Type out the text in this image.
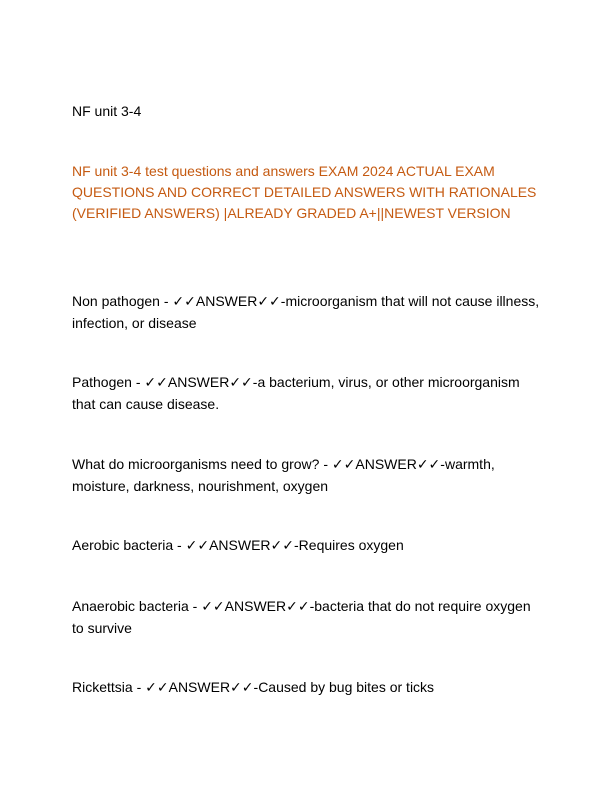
NF unit 3-4
NF unit 3-4 test questions and answers EXAM 2024 ACTUAL EXAM QUESTIONS AND CORRECT DETAILED ANSWERS WITH RATIONALES (VERIFIED ANSWERS) |ALREADY GRADED A+||NEWEST VERSION

Non pathogen - ✓✓ANSWER✓✓-microorganism that will not cause illness, infection, or disease

Pathogen - ✓✓ANSWER✓✓-a bacterium, virus, or other microorganism that can cause disease.

What do microorganisms need to grow? - ✓✓ANSWER✓✓-warmth, moisture, darkness, nourishment, oxygen

Aerobic bacteria - ✓✓ANSWER✓✓-Requires oxygen

Anaerobic bacteria - ✓✓ANSWER✓✓-bacteria that do not require oxygen to survive

Rickettsia - ✓✓ANSWER✓✓-Caused by bug bites or ticks
